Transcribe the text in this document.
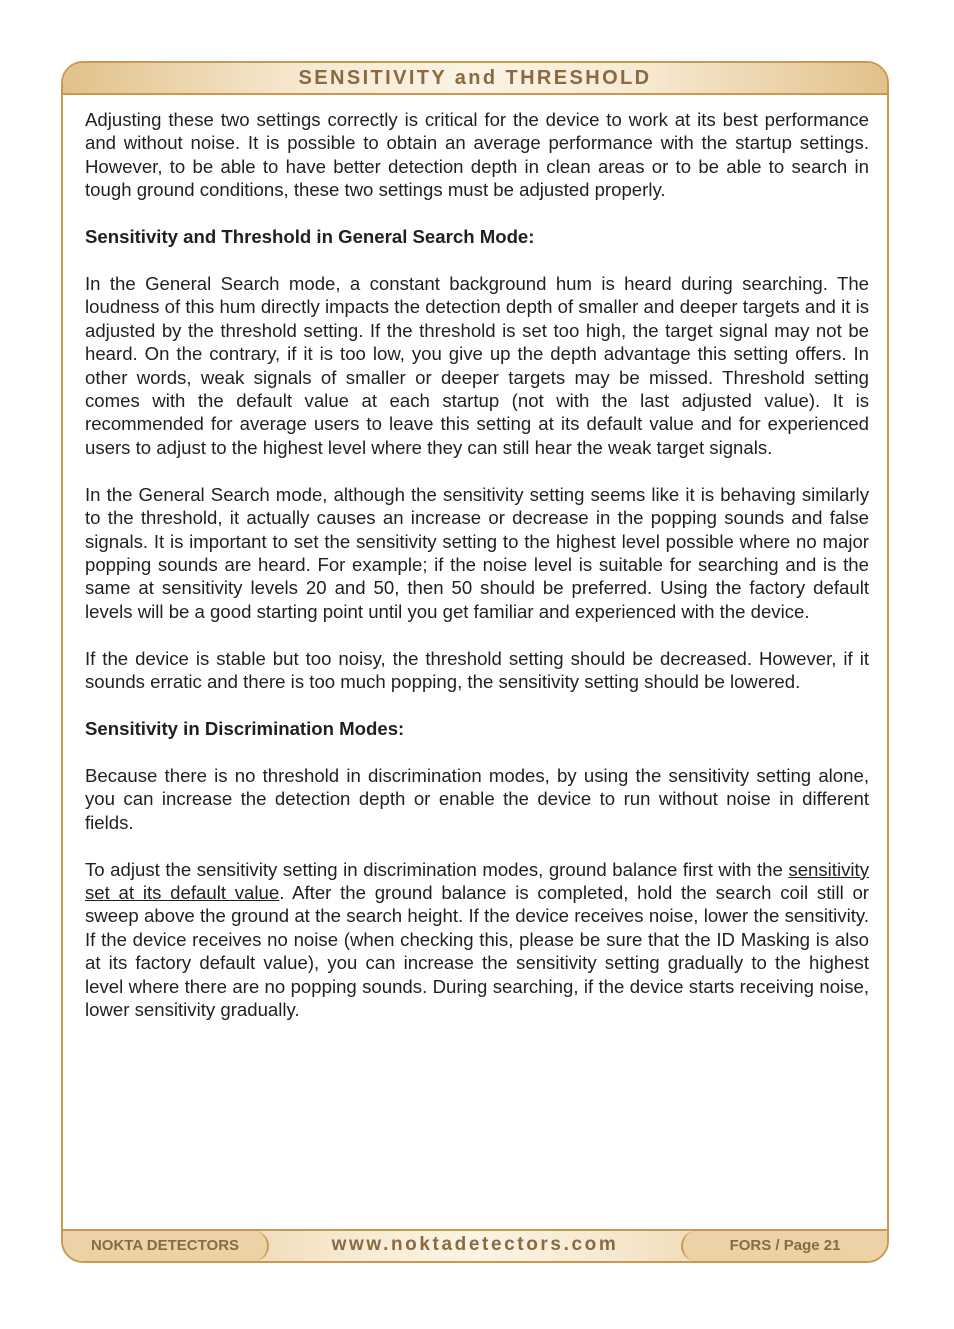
SENSITIVITY and THRESHOLD

Adjusting these two settings correctly is critical for the device to work at its best performance and without noise. It is possible to obtain an average performance with the startup settings. However, to be able to have better detection depth in clean areas or to be able to search in tough ground conditions, these two settings must be adjusted properly.

Sensitivity and Threshold in General Search Mode:

In the General Search mode, a constant background hum is heard during searching. The loudness of this hum directly impacts the detection depth of smaller and deeper targets and it is adjusted by the threshold setting. If the threshold is set too high, the target signal may not be heard. On the contrary, if it is too low, you give up the depth advantage this setting offers. In other words, weak signals of smaller or deeper targets may be missed. Threshold setting comes with the default value at each startup (not with the last adjusted value). It is recommended for average users to leave this setting at its default value and for experienced users to adjust to the highest level where they can still hear the weak target signals.

In the General Search mode, although the sensitivity setting seems like it is behaving similarly to the threshold, it actually causes an increase or decrease in the popping sounds and false signals. It is important to set the sensitivity setting to the highest level possible where no major popping sounds are heard. For example; if the noise level is suitable for searching and is the same at sensitivity levels 20 and 50, then 50 should be preferred. Using the factory default levels will be a good starting point until you get familiar and experienced with the device.

If the device is stable but too noisy, the threshold setting should be decreased. However, if it sounds erratic and there is too much popping, the sensitivity setting should be lowered.

Sensitivity in Discrimination Modes:

Because there is no threshold in discrimination modes, by using the sensitivity setting alone, you can increase the detection depth or enable the device to run without noise in different fields.

To adjust the sensitivity setting in discrimination modes, ground balance first with the sensitivity set at its default value. After the ground balance is completed, hold the search coil still or sweep above the ground at the search height. If the device receives noise, lower the sensitivity. If the device receives no noise (when checking this, please be sure that the ID Masking is also at its factory default value), you can increase the sensitivity setting gradually to the highest level where there are no popping sounds. During searching, if the device starts receiving noise, lower sensitivity gradually.

NOKTA DETECTORS	www.noktadetectors.com	FORS / Page 21
